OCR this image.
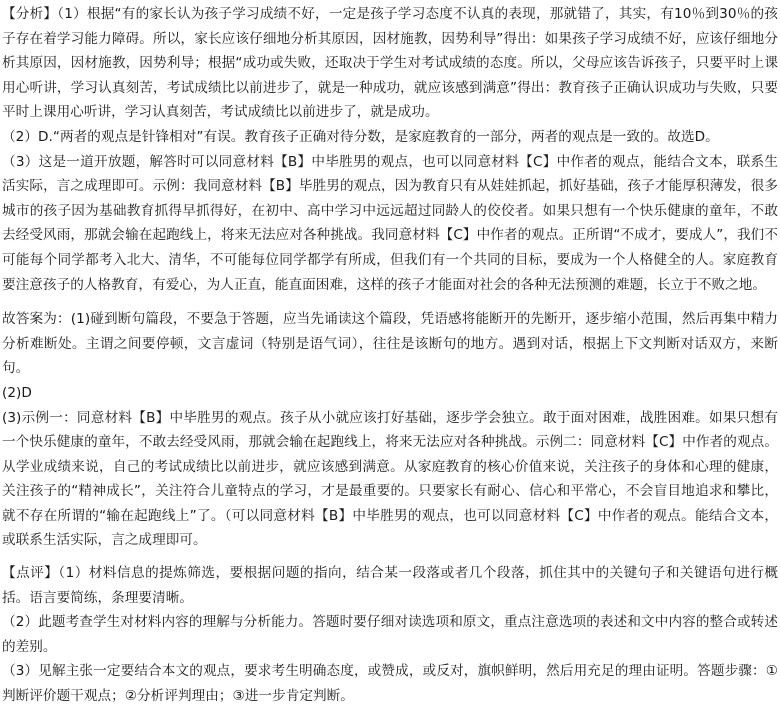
【分析】（1）根据“有的家长认为孩子学习成绩不好，一定是孩子学习态度不认真的表现，那就错了，其实，有10％到30％的孩子存在着学习能力障碍。所以，家长应该仔细地分析其原因，因材施教，因势利导”得出：如果孩子学习成绩不好，应该仔细地分析其原因，因材施教，因势利导；根据“成功或失败，还取决于学生对考试成绩的态度。所以，父母应该告诉孩子，只要平时上课用心听讲，学习认真刻苦，考试成绩比以前进步了，就是一种成功，就应该感到满意”得出：教育孩子正确认识成功与失败，只要平时上课用心听讲，学习认真刻苦，考试成绩比以前进步了，就是成功。

（2）D.“两者的观点是针锋相对”有误。教育孩子正确对待分数，是家庭教育的一部分，两者的观点是一致的。故选D。

（3）这是一道开放题，解答时可以同意材料【B】中毕胜男的观点，也可以同意材料【C】中作者的观点，能结合文本，联系生活实际，言之成理即可。示例：我同意材料【B】毕胜男的观点，因为教育只有从娃娃抓起，抓好基础，孩子才能厚积薄发，很多城市的孩子因为基础教育抓得早抓得好，在初中、高中学习中远远超过同龄人的佼佼者。如果只想有一个快乐健康的童年，不敢去经受风雨，那就会输在起跑线上，将来无法应对各种挑战。我同意材料【C】中作者的观点。正所谓“不成才，要成人”，我们不可能每个同学都考入北大、清华，不可能每位同学都学有所成，但我们有一个共同的目标，要成为一个人格健全的人。家庭教育要注意孩子的人格教育，有爱心，为人正直，能直面困难，这样的孩子才能面对社会的各种无法预测的难题，长立于不败之地。

故答案为：(1)碰到断句篇段，不要急于答题，应当先诵读这个篇段，凭语感将能断开的先断开，逐步缩小范围，然后再集中精力分析难断处。主谓之间要停顿，文言虚词（特别是语气词），往往是该断句的地方。遇到对话，根据上下文判断对话双方，来断句。

(2)D

(3)示例一：同意材料【B】中毕胜男的观点。孩子从小就应该打好基础，逐步学会独立。敢于面对困难，战胜困难。如果只想有一个快乐健康的童年，不敢去经受风雨，那就会输在起跑线上，将来无法应对各种挑战。示例二：同意材料【C】中作者的观点。从学业成绩来说，自己的考试成绩比以前进步，就应该感到满意。从家庭教育的核心价值来说，关注孩子的身体和心理的健康，关注孩子的“精神成长”，关注符合儿童特点的学习，才是最重要的。只要家长有耐心、信心和平常心，不会盲目地追求和攀比，就不存在所谓的“输在起跑线上”了。（可以同意材料【B】中毕胜男的观点，也可以同意材料【C】中作者的观点。能结合文本，或联系生活实际，言之成理即可。

【点评】（1）材料信息的提炼筛选，要根据问题的指向，结合某一段落或者几个段落，抓住其中的关键句子和关键语句进行概括。语言要简练，条理要清晰。

（2）此题考查学生对材料内容的理解与分析能力。答题时要仔细对读选项和原文，重点注意选项的表述和文中内容的整合或转述的差别。

（3）见解主张一定要结合本文的观点，要求考生明确态度，或赞成，或反对，旗帜鲜明，然后用充足的理由证明。答题步骤：①判断评价题干观点；②分析评判理由；③进一步肯定判断。
